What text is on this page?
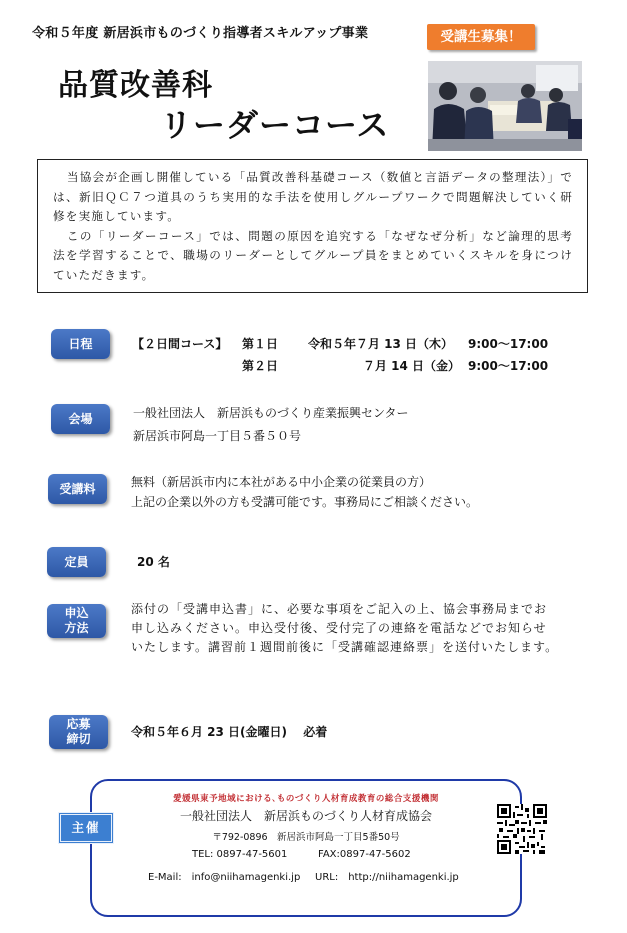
令和５年度 新居浜市ものづくり指導者スキルアップ事業	受講生募集！
品質改善科
リーダーコース

当協会が企画し開催している「品質改善科基礎コース（数値と言語データの整理法）」では、新旧ＱＣ７つ道具のうち実用的な手法を使用しグループワークで問題解決していく研修を実施しています。

この「リーダーコース」では、問題の原因を追究する「なぜなぜ分析」など論理的思考法を学習することで、職場のリーダーとしてグループ員をまとめていくスキルを身につけていただきます。

日程	【２日間コース】	第１日	令和５年７月 13 日（木）	9:00～17:00
	第２日	７月 14 日（金）	9:00～17:00
会場	一般社団法人　新居浜ものづくり産業振興センター
新居浜市阿島一丁目５番５０号
受講料	無料（新居浜市内に本社がある中小企業の従業員の方）
上記の企業以外の方も受講可能です。事務局にご相談ください。
定員	20 名
申込
方法
添付の「受講申込書」に、必要な事項をご記入の上、協会事務局までお申し込みください。申込受付後、受付完了の連絡を電話などでお知らせいたします。講習前１週間前後に「受講確認連絡票」を送付いたします。
応募
締切	令和５年６月 23 日(金曜日)　 必着
主催
愛媛県東予地域における､ものづくり人材育成教育の総合支援機関
一般社団法人　新居浜ものづくり人材育成協会
〒792-0896　新居浜市阿島一丁目5番50号
TEL: 0897-47-5601	FAX:0897-47-5602
E-Mail:　info@niihamagenki.jp URL:　http://niihamagenki.jp
